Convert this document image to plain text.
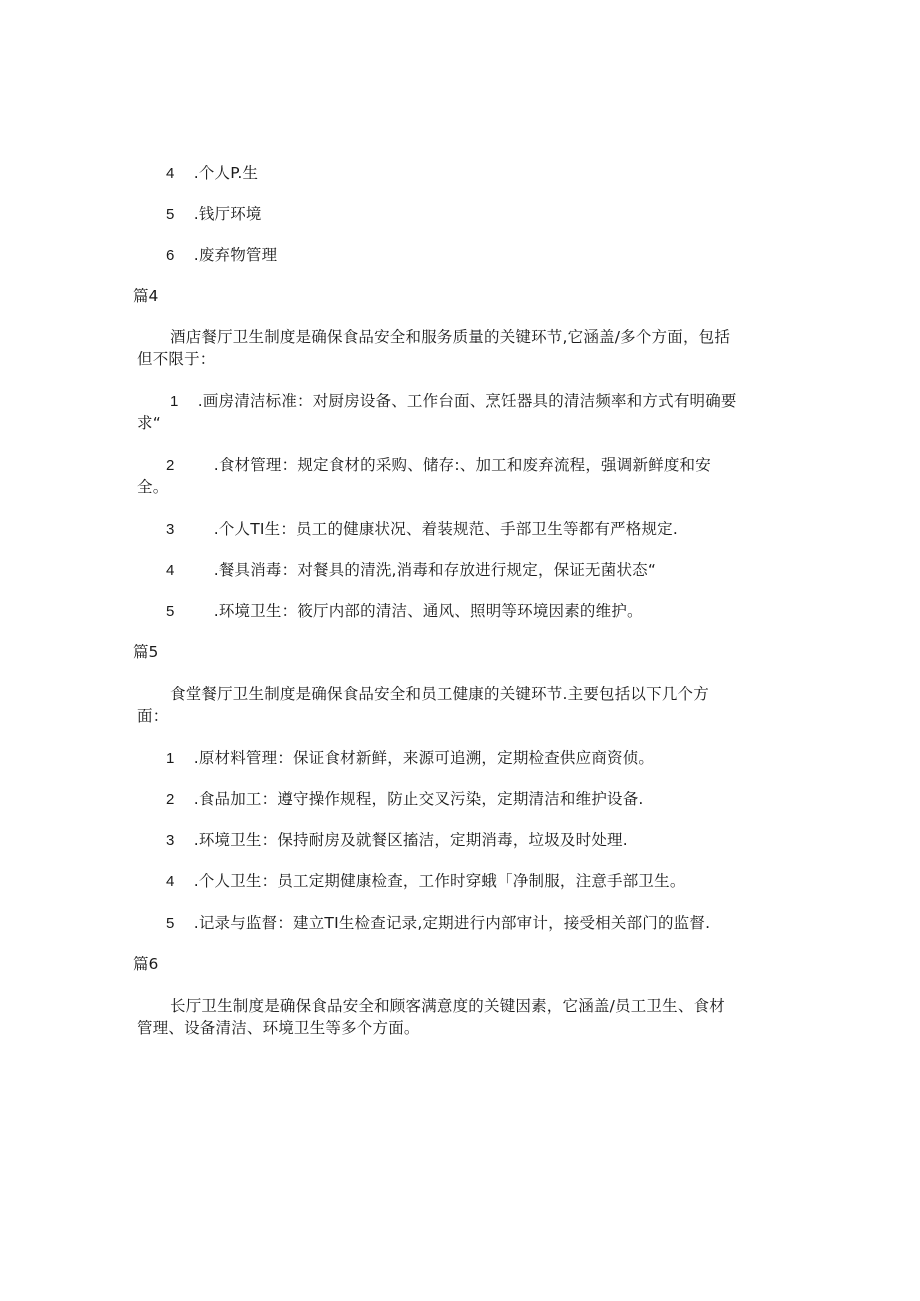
4 .个人P.生
5 .钱厅环境
6 .废弃物管理
篇4
酒店餐厅卫生制度是确保食品安全和服务质量的关键环节,它涵盖/多个方面，包括
但不限于：
1 .画房清洁标准：对厨房设备、工作台面、烹饪器具的清洁频率和方式有明确要
求“
2	.食材管理：规定食材的采购、储存:、加工和废弃流程，强调新鲜度和安
全。
3	.个人TI生：员工的健康状况、着装规范、手部卫生等都有严格规定.
4	.餐具消毒：对餐具的清洗,消毒和存放进行规定，保证无菌状态“
5	.环境卫生：筱厅内部的清洁、通风、照明等环境因素的维护。
篇5
食堂餐厅卫生制度是确保食品安全和员工健康的关键环节.主要包括以下几个方
面：
1 .原材料管理：保证食材新鲜，来源可追溯，定期检查供应商资侦。
2 .食品加工：遵守操作规程，防止交叉污染，定期清洁和维护设备.
3 .环境卫生：保持耐房及就餐区搐洁，定期消毒，垃圾及时处理.
4 .个人卫生：员工定期健康检查，工作时穿蛾「净制服，注意手部卫生。
5 .记录与监督：建立TI生检查记录,定期进行内部审计，接受相关部门的监督.
篇6
长厅卫生制度是确保食品安全和顾客满意度的关键因素，它涵盖/员工卫生、食材
管理、设备清洁、环境卫生等多个方面。
